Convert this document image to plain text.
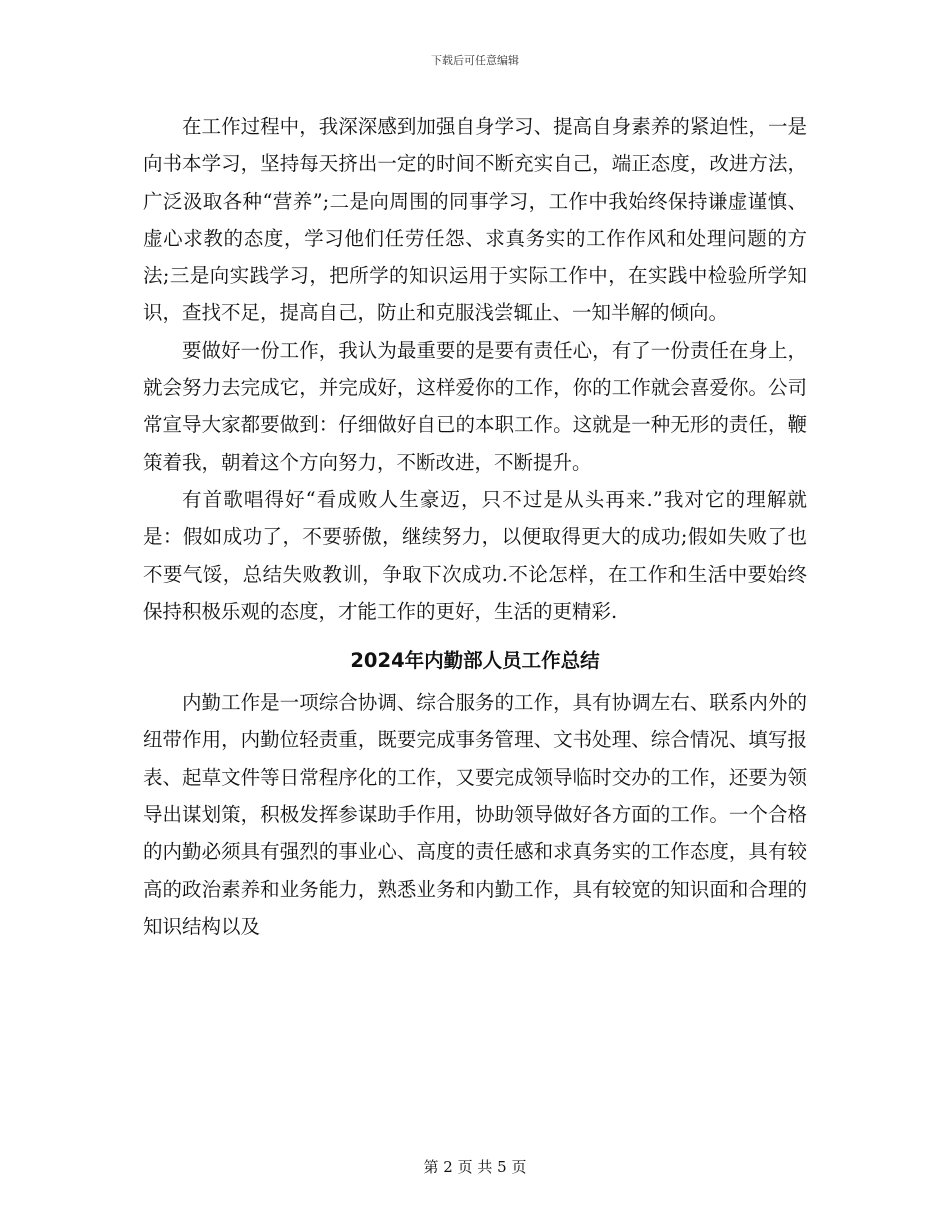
下载后可任意编辑

在工作过程中，我深深感到加强自身学习、提高自身素养的紧迫性，一是向书本学习，坚持每天挤出一定的时间不断充实自己，端正态度，改进方法，广泛汲取各种“营养”;二是向周围的同事学习，工作中我始终保持谦虚谨慎、虚心求教的态度，学习他们任劳任怨、求真务实的工作作风和处理问题的方法;三是向实践学习，把所学的知识运用于实际工作中，在实践中检验所学知识，查找不足，提高自己，防止和克服浅尝辄止、一知半解的倾向。

要做好一份工作，我认为最重要的是要有责任心，有了一份责任在身上，就会努力去完成它，并完成好，这样爱你的工作，你的工作就会喜爱你。公司常宣导大家都要做到：仔细做好自已的本职工作。这就是一种无形的责任，鞭策着我，朝着这个方向努力，不断改进，不断提升。

有首歌唱得好“看成败人生豪迈，只不过是从头再来.”我对它的理解就是：假如成功了，不要骄傲，继续努力，以便取得更大的成功;假如失败了也不要气馁，总结失败教训，争取下次成功.不论怎样，在工作和生活中要始终保持积极乐观的态度，才能工作的更好，生活的更精彩.

2024年内勤部人员工作总结

内勤工作是一项综合协调、综合服务的工作，具有协调左右、联系内外的纽带作用，内勤位轻责重，既要完成事务管理、文书处理、综合情况、填写报表、起草文件等日常程序化的工作，又要完成领导临时交办的工作，还要为领导出谋划策，积极发挥参谋助手作用，协助领导做好各方面的工作。一个合格的内勤必须具有强烈的事业心、高度的责任感和求真务实的工作态度，具有较高的政治素养和业务能力，熟悉业务和内勤工作，具有较宽的知识面和合理的知识结构以及

第 2 页 共 5 页
